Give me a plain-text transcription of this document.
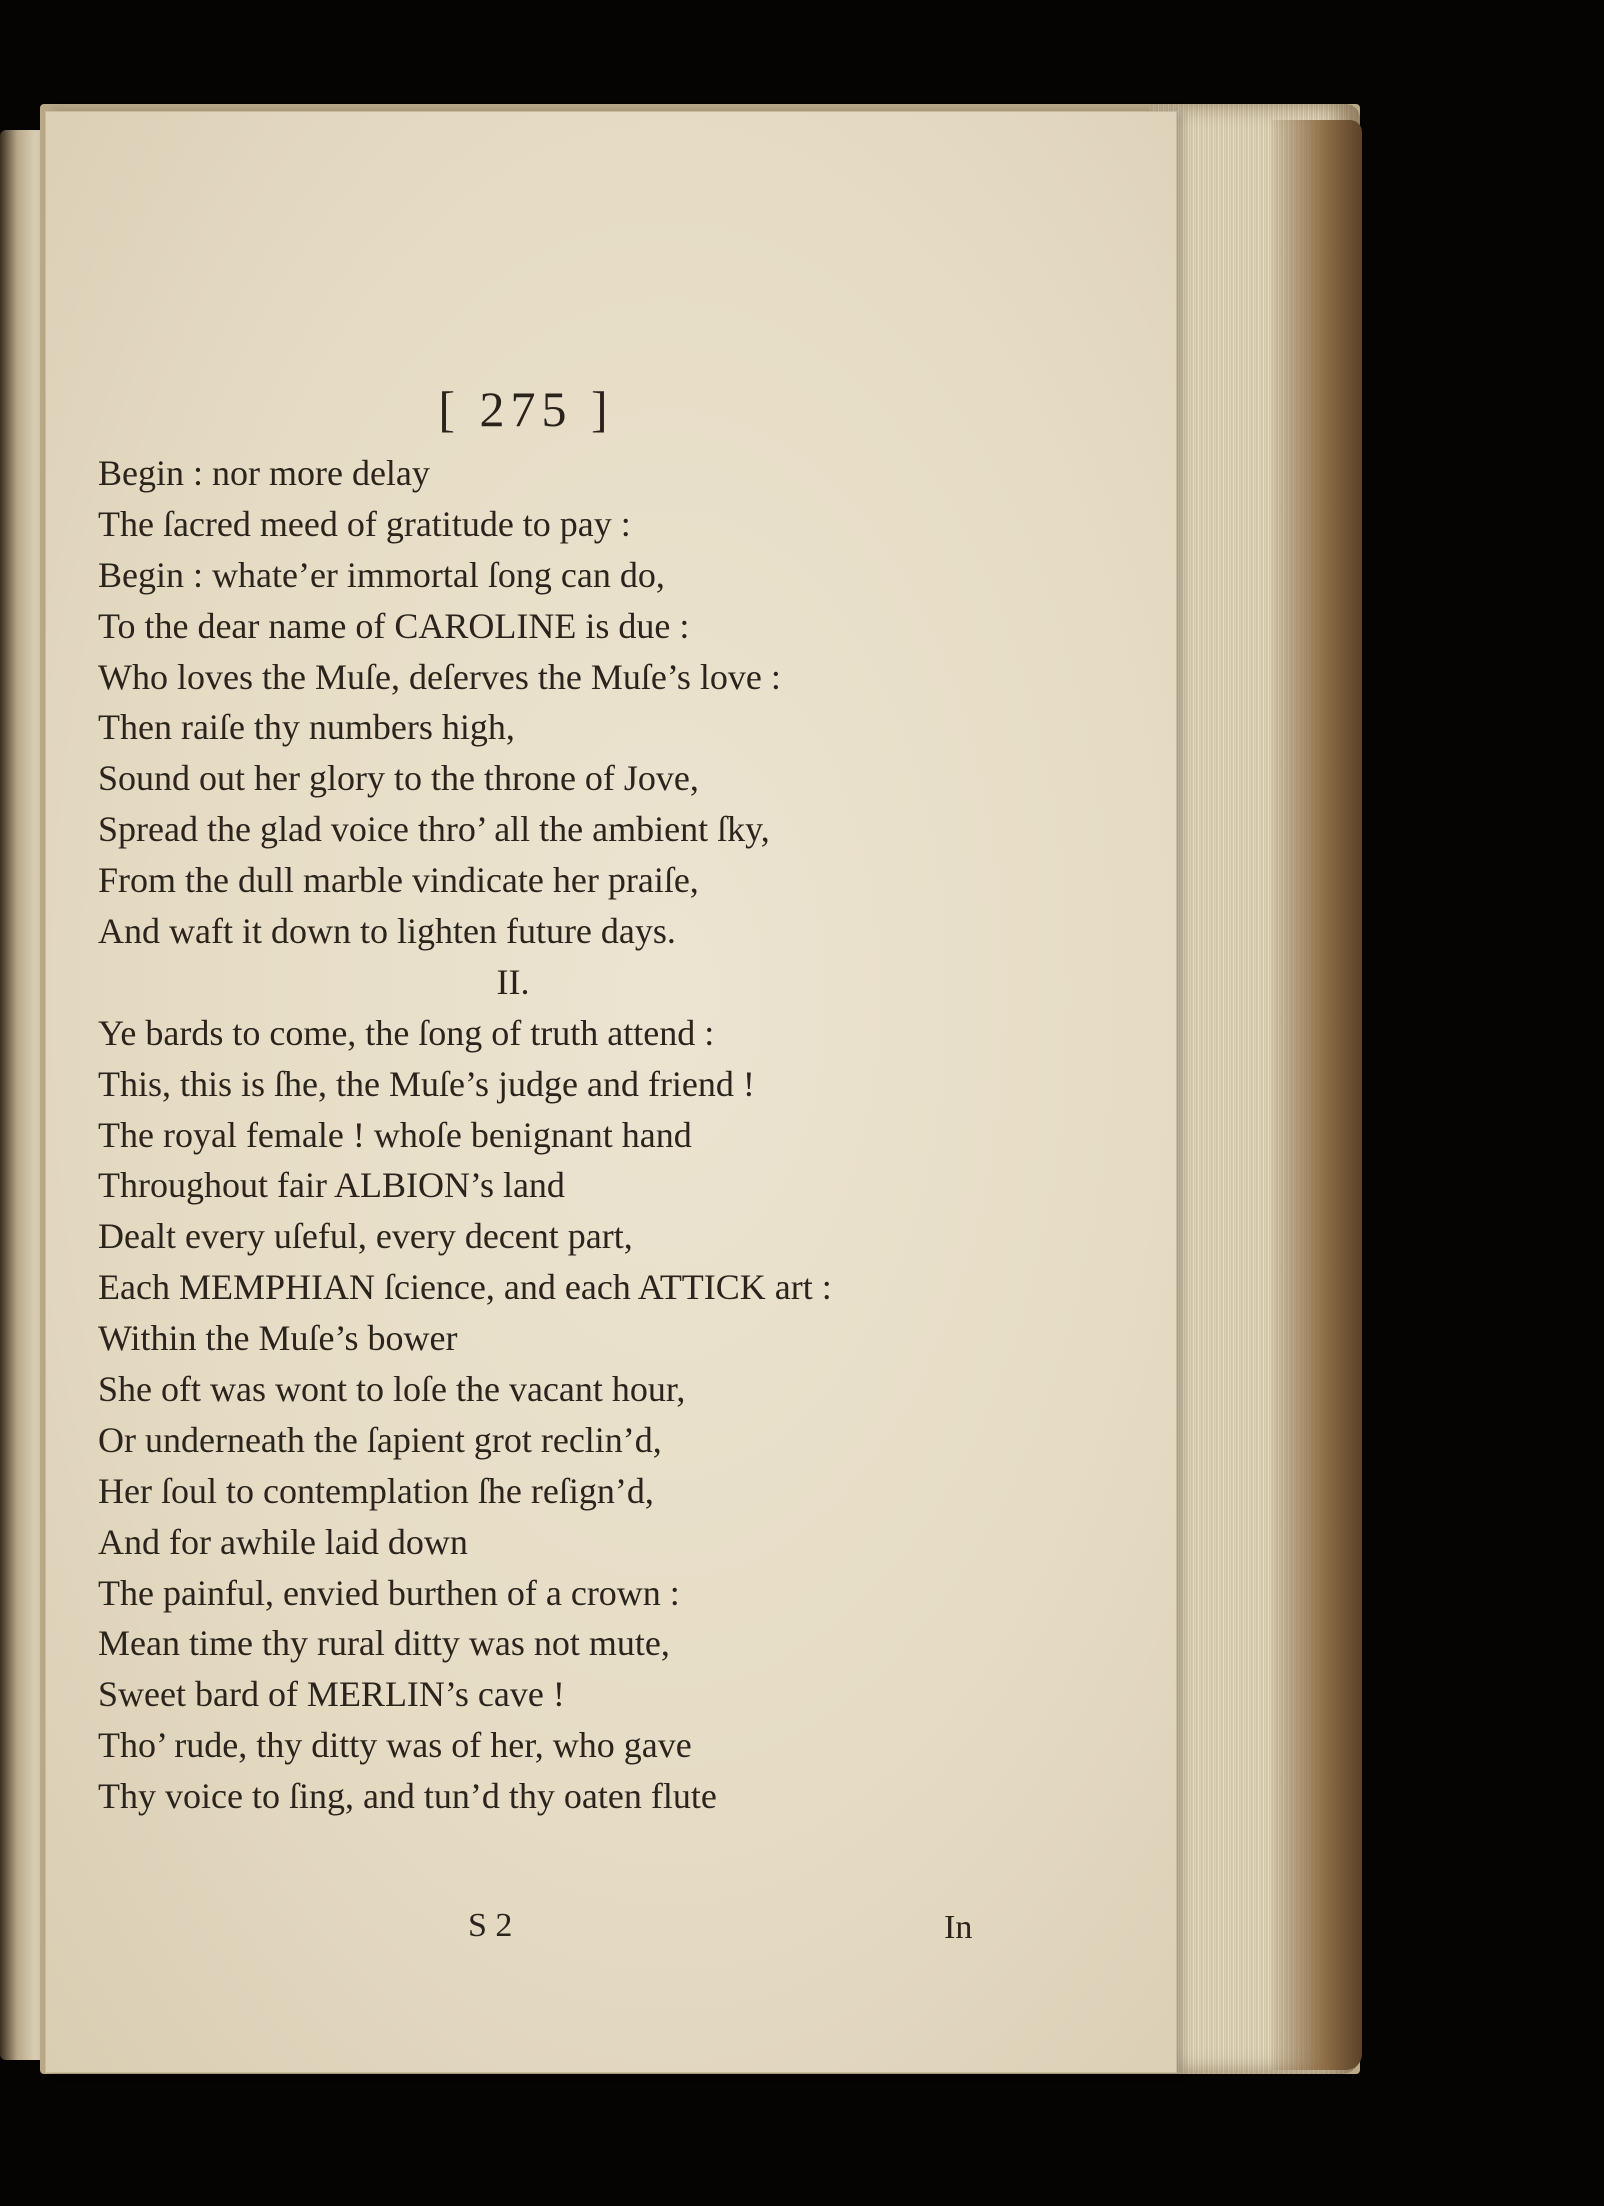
[ 275 ]
Begin : nor more delay
The ſacred meed of gratitude to pay :
Begin : whate’er immortal ſong can do,
To the dear name of CAROLINE is due :
Who loves the Muſe, deſerves the Muſe’s love :
Then raiſe thy numbers high,
Sound out her glory to the throne of Jove,
Spread the glad voice thro’ all the ambient ſky,
From the dull marble vindicate her praiſe,
And waft it down to lighten future days.
II.
Ye bards to come, the ſong of truth attend :
This, this is ſhe, the Muſe’s judge and friend !
The royal female ! whoſe benignant hand
Throughout fair ALBION’s land
Dealt every uſeful, every decent part,
Each MEMPHIAN ſcience, and each ATTICK art :
Within the Muſe’s bower
She oft was wont to loſe the vacant hour,
Or underneath the ſapient grot reclin’d,
Her ſoul to contemplation ſhe reſign’d,
And for awhile laid down
The painful, envied burthen of a crown :
Mean time thy rural ditty was not mute,
Sweet bard of MERLIN’s cave !
Tho’ rude, thy ditty was of her, who gave
Thy voice to ſing, and tun’d thy oaten flute
S 2	In
